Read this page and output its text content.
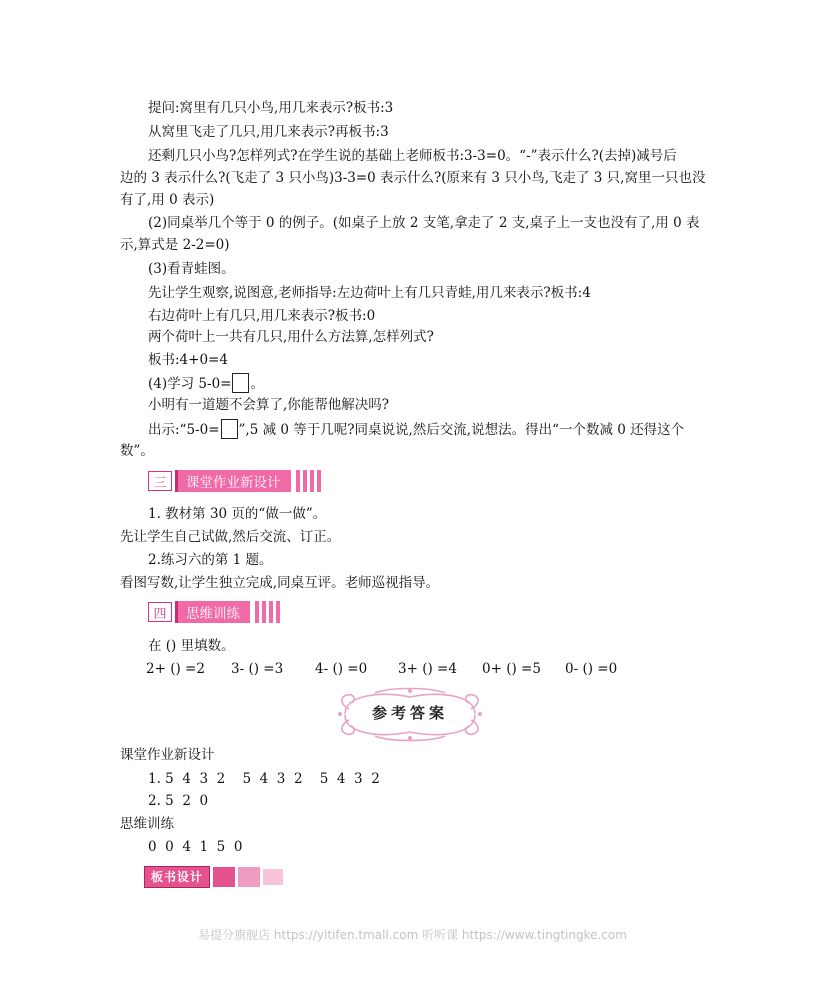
提问:窝里有几只小鸟,用几来表示?板书:3
从窝里飞走了几只,用几来表示?再板书:3
还剩几只小鸟?怎样列式?在学生说的基础上老师板书:3-3=0。“-”表示什么?(去掉)减号后
边的 3 表示什么?(飞走了 3 只小鸟)3-3=0 表示什么?(原来有 3 只小鸟,飞走了 3 只,窝里一只也没
有了,用 0 表示)
(2)同桌举几个等于 0 的例子。(如桌子上放 2 支笔,拿走了 2 支,桌子上一支也没有了,用 0 表
示,算式是 2-2=0)
(3)看青蛙图。
先让学生观察,说图意,老师指导:左边荷叶上有几只青蛙,用几来表示?板书:4
右边荷叶上有几只,用几来表示?板书:0
两个荷叶上一共有几只,用什么方法算,怎样列式?
板书:4+0=4
(4)学习 5-0= 。
小明有一道题不会算了,你能帮他解决吗?
出示:“5-0= ”,5 减 0 等于几呢?同桌说说,然后交流,说想法。得出“一个数减 0 还得这个
数”。
三	课堂作业新设计
1. 教材第 30 页的“做一做”。
先让学生自己试做,然后交流、订正。
2.练习六的第 1 题。
看图写数,让学生独立完成,同桌互评。老师巡视指导。
四	思维训练
在 () 里填数。
2+ () =2 3- () =3 4- () =0 3+ () =4 0+ () =5 0- () =0
参考答案
课堂作业新设计
1. 5  4  3  2    5  4  3  2    5  4  3  2
2. 5  2  0
思维训练
0  0  4  1  5  0
板书设计
易提分旗舰店 https://yitifen.tmall.com 听听课 https://www.tingtingke.com
